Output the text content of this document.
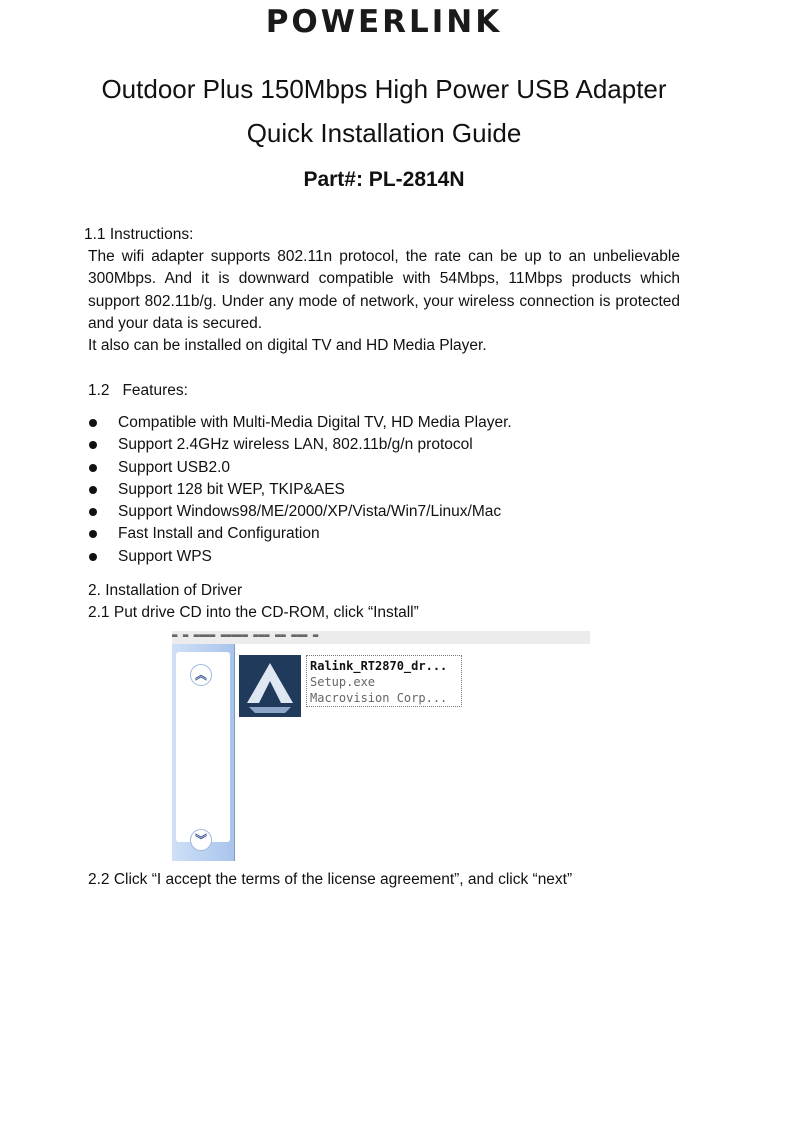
POWERLINK
Outdoor Plus 150Mbps High Power USB Adapter
Quick Installation Guide
Part#: PL-2814N
1.1 Instructions:
The wifi adapter supports 802.11n protocol, the rate can be up to an unbelievable 300Mbps. And it is downward compatible with 54Mbps, 11Mbps products which support 802.11b/g. Under any mode of network, your wireless connection is protected and your data is secured.
It also can be installed on digital TV and HD Media Player.
1.2   Features:
Compatible with Multi-Media Digital TV, HD Media Player.
Support 2.4GHz wireless LAN, 802.11b/g/n protocol
Support USB2.0
Support 128 bit WEP, TKIP&AES
Support Windows98/ME/2000/XP/Vista/Win7/Linux/Mac
Fast Install and Configuration
Support WPS
2. Installation of Driver
2.1 Put drive CD into the CD-ROM, click “Install”
▬ ▬ ▬▬▬▬ ▬▬▬▬▬ ▬▬▬ ▬▬ ▬▬▬ ▬
︽
︾
Ralink_RT2870_dr...
Setup.exe
Macrovision Corp...
2.2 Click “I accept the terms of the license agreement”, and click “next”
